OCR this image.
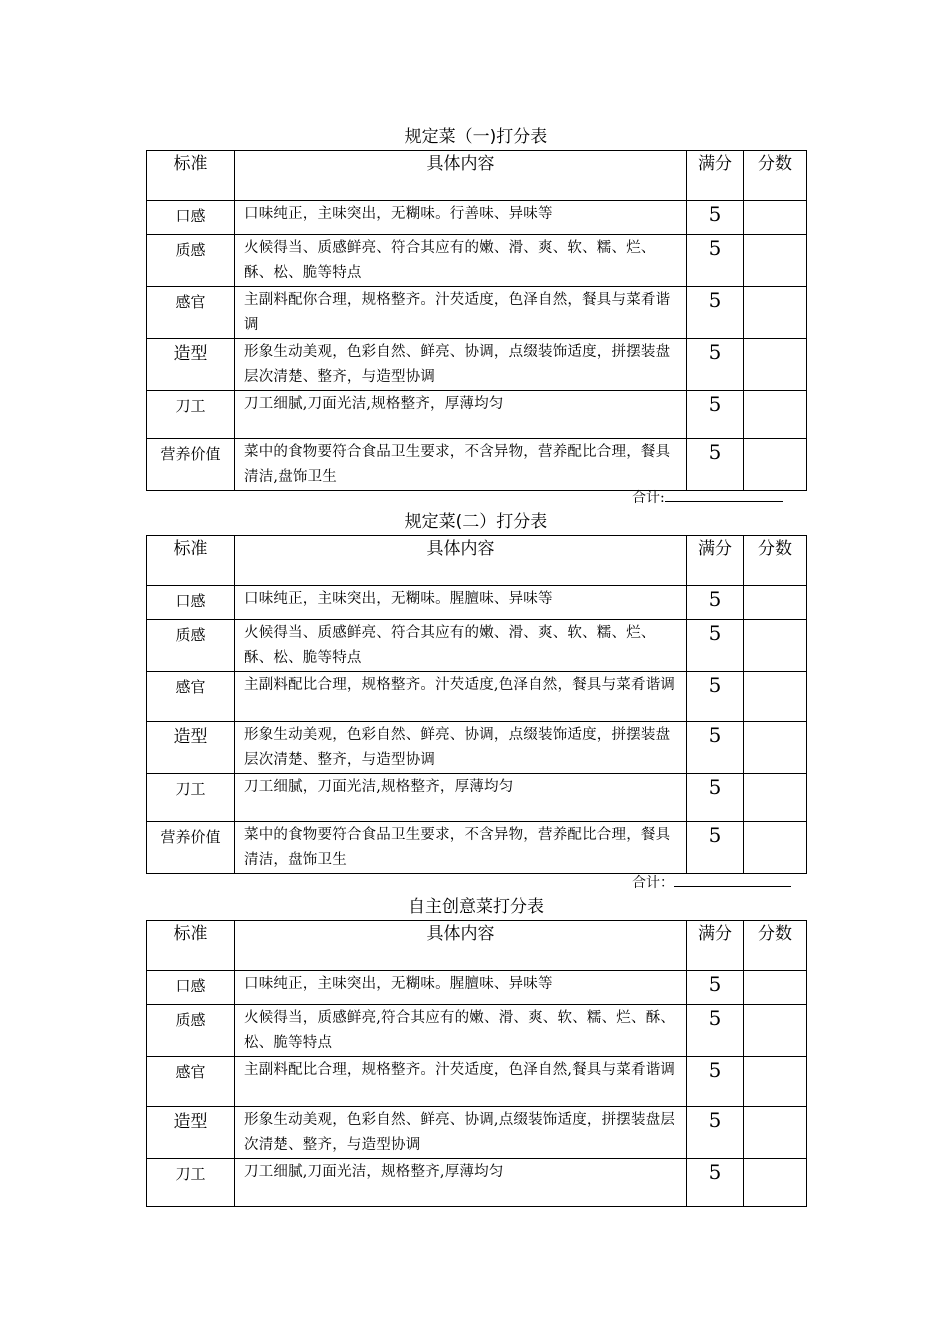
规定菜（一)打分表
标准	具体内容	满分	分数
口感	口味纯正，主味突出，无糊味。行善味、异味等	5	
质感	火候得当、质感鲜亮、符合其应有的嫩、滑、爽、软、糯、烂、酥、松、脆等特点	5	
感官	主副料配你合理，规格整齐。汁芡适度，色泽自然，餐具与菜肴谐调	5	
造型	形象生动美观，色彩自然、鲜亮、协调，点缀装饰适度，拼摆装盘层次清楚、整齐，与造型协调	5	
刀工	刀工细腻,刀面光洁,规格整齐，厚薄均匀	5	
营养价值	菜中的食物要符合食品卫生要求，不含异物，营养配比合理，餐具清洁,盘饰卫生	5	
合计:
规定菜(二）打分表
标准	具体内容	满分	分数
口感	口味纯正，主味突出，无糊味。腥膻味、异味等	5	
质感	火候得当、质感鲜亮、符合其应有的嫩、滑、爽、软、糯、烂、酥、松、脆等特点	5	
感官	主副料配比合理，规格整齐。汁芡适度,色泽自然，餐具与菜肴谐调	5	
造型	形象生动美观，色彩自然、鲜亮、协调，点缀装饰适度，拼摆装盘层次清楚、整齐，与造型协调	5	
刀工	刀工细腻，刀面光洁,规格整齐，厚薄均匀	5	
营养价值	菜中的食物要符合食品卫生要求，不含异物，营养配比合理，餐具清洁，盘饰卫生	5	
合计：
自主创意菜打分表
标准	具体内容	满分	分数
口感	口味纯正，主味突出，无糊味。腥膻味、异味等	5	
质感	火候得当，质感鲜亮,符合其应有的嫩、滑、爽、软、糯、烂、酥、松、脆等特点	5	
感官	主副料配比合理，规格整齐。汁芡适度，色泽自然,餐具与菜肴谐调	5	
造型	形象生动美观，色彩自然、鲜亮、协调,点缀装饰适度，拼摆装盘层次清楚、整齐，与造型协调	5	
刀工	刀工细腻,刀面光洁，规格整齐,厚薄均匀	5	
